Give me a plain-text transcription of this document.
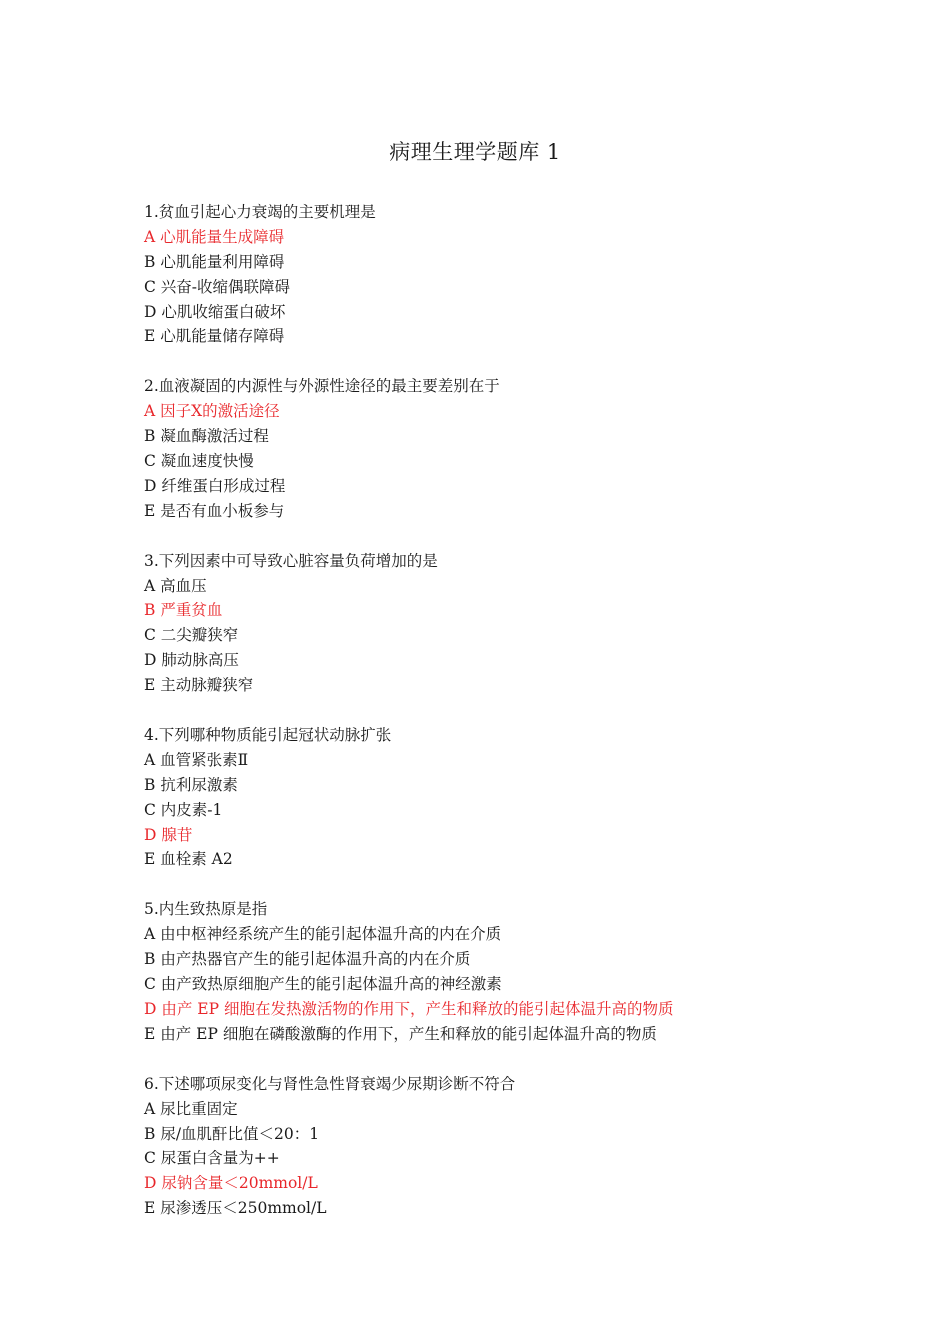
病理生理学题库 1
1.贫血引起心力衰竭的主要机理是
A 心肌能量生成障碍
B 心肌能量利用障碍
C 兴奋-收缩偶联障碍
D 心肌收缩蛋白破坏
E 心肌能量储存障碍
2.血液凝固的内源性与外源性途径的最主要差别在于
A 因子Ⅹ的激活途径
B 凝血酶激活过程
C 凝血速度快慢
D 纤维蛋白形成过程
E 是否有血小板参与
3.下列因素中可导致心脏容量负荷增加的是
A 高血压
B 严重贫血
C 二尖瓣狭窄
D 肺动脉高压
E 主动脉瓣狭窄
4.下列哪种物质能引起冠状动脉扩张
A 血管紧张素Ⅱ
B 抗利尿激素
C 内皮素-1
D 腺苷
E 血栓素 A2
5.内生致热原是指
A 由中枢神经系统产生的能引起体温升高的内在介质
B 由产热器官产生的能引起体温升高的内在介质
C 由产致热原细胞产生的能引起体温升高的神经激素
D 由产 EP 细胞在发热激活物的作用下，产生和释放的能引起体温升高的物质
E 由产 EP 细胞在磷酸激酶的作用下，产生和释放的能引起体温升高的物质
6.下述哪项尿变化与肾性急性肾衰竭少尿期诊断不符合
A 尿比重固定
B 尿/血肌酐比值＜20：1
C 尿蛋白含量为++
D 尿钠含量＜20mmol/L
E 尿渗透压＜250mmol/L
